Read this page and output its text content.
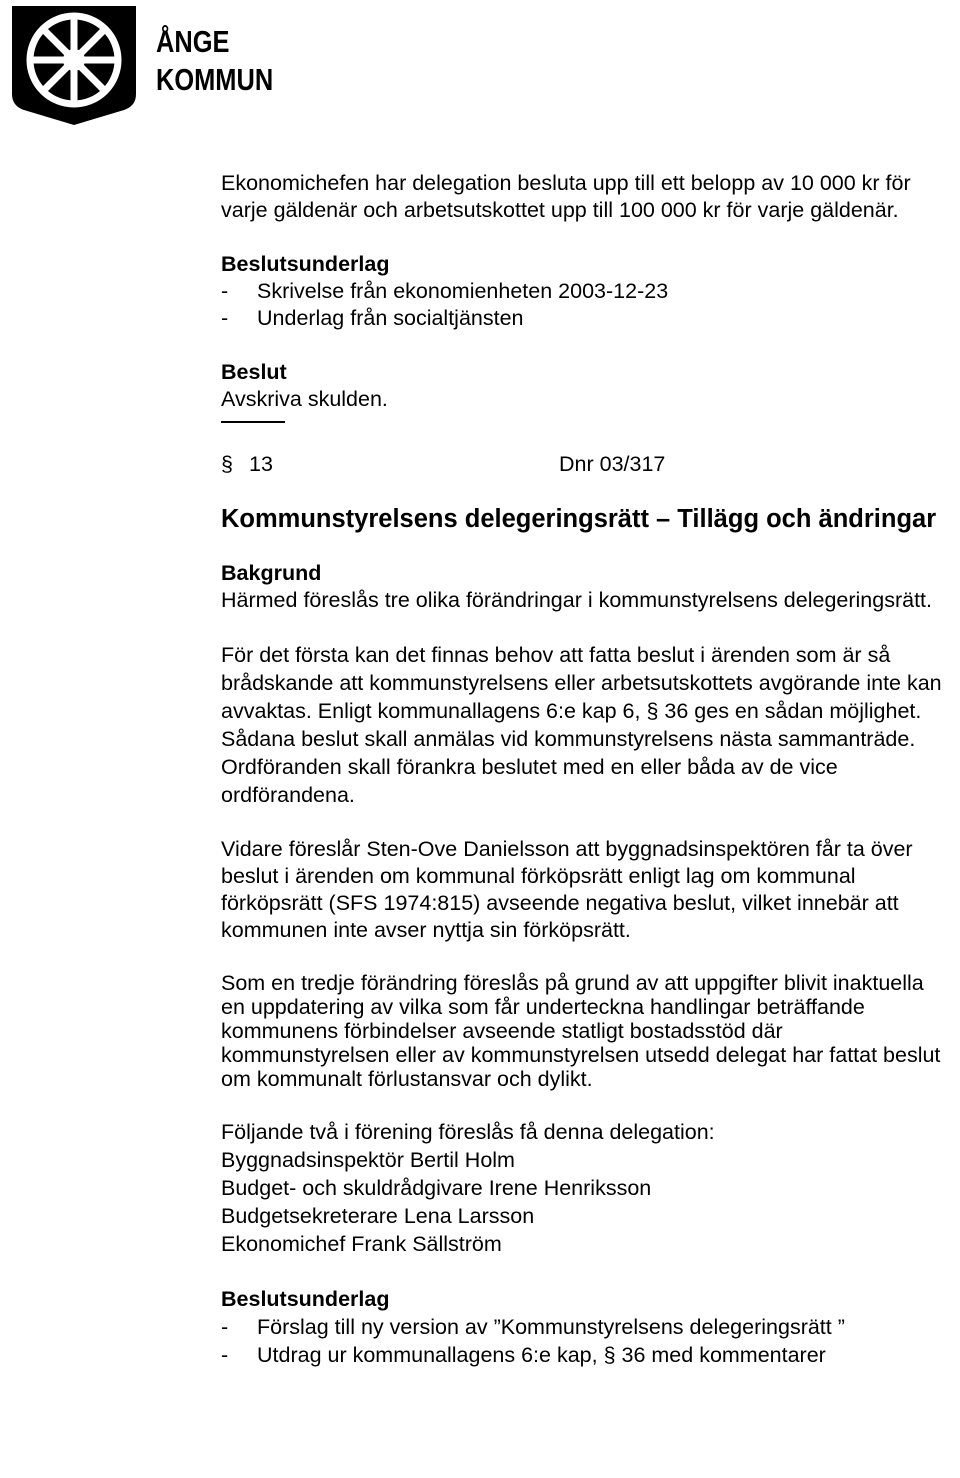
ÅNGE
KOMMUN

Ekonomichefen har delegation besluta upp till ett belopp av 10 000 kr för varje gäldenär och arbetsutskottet upp till 100 000 kr för varje gäldenär.

Beslutsunderlag

-	Skrivelse från ekonomienheten 2003-12-23
-	Underlag från socialtjänsten

Beslut

Avskriva skulden.

§ 13	Dnr 03/317

Kommunstyrelsens delegeringsrätt – Tillägg och ändringar

Bakgrund

Härmed föreslås tre olika förändringar i kommunstyrelsens delegeringsrätt.

För det första kan det finnas behov att fatta beslut i ärenden som är så brådskande att kommunstyrelsens eller arbetsutskottets avgörande inte kan avvaktas. Enligt kommunallagens 6:e kap 6, § 36 ges en sådan möjlighet. Sådana beslut skall anmälas vid kommunstyrelsens nästa sammanträde. Ordföranden skall förankra beslutet med en eller båda av de vice ordförandena.

Vidare föreslår Sten-Ove Danielsson att byggnadsinspektören får ta över beslut i ärenden om kommunal förköpsrätt enligt lag om kommunal förköpsrätt (SFS 1974:815) avseende negativa beslut, vilket innebär att kommunen inte avser nyttja sin förköpsrätt.

Som en tredje förändring föreslås på grund av att uppgifter blivit inaktuella en uppdatering av vilka som får underteckna handlingar beträffande kommunens förbindelser avseende statligt bostadsstöd där kommunstyrelsen eller av kommunstyrelsen utsedd delegat har fattat beslut om kommunalt förlustansvar och dylikt.

Följande två i förening föreslås få denna delegation:

Byggnadsinspektör Bertil Holm

Budget- och skuldrådgivare Irene Henriksson

Budgetsekreterare Lena Larsson

Ekonomichef Frank Sällström

Beslutsunderlag

-	Förslag till ny version av ”Kommunstyrelsens delegeringsrätt ”
-	Utdrag ur kommunallagens 6:e kap, § 36 med kommentarer
